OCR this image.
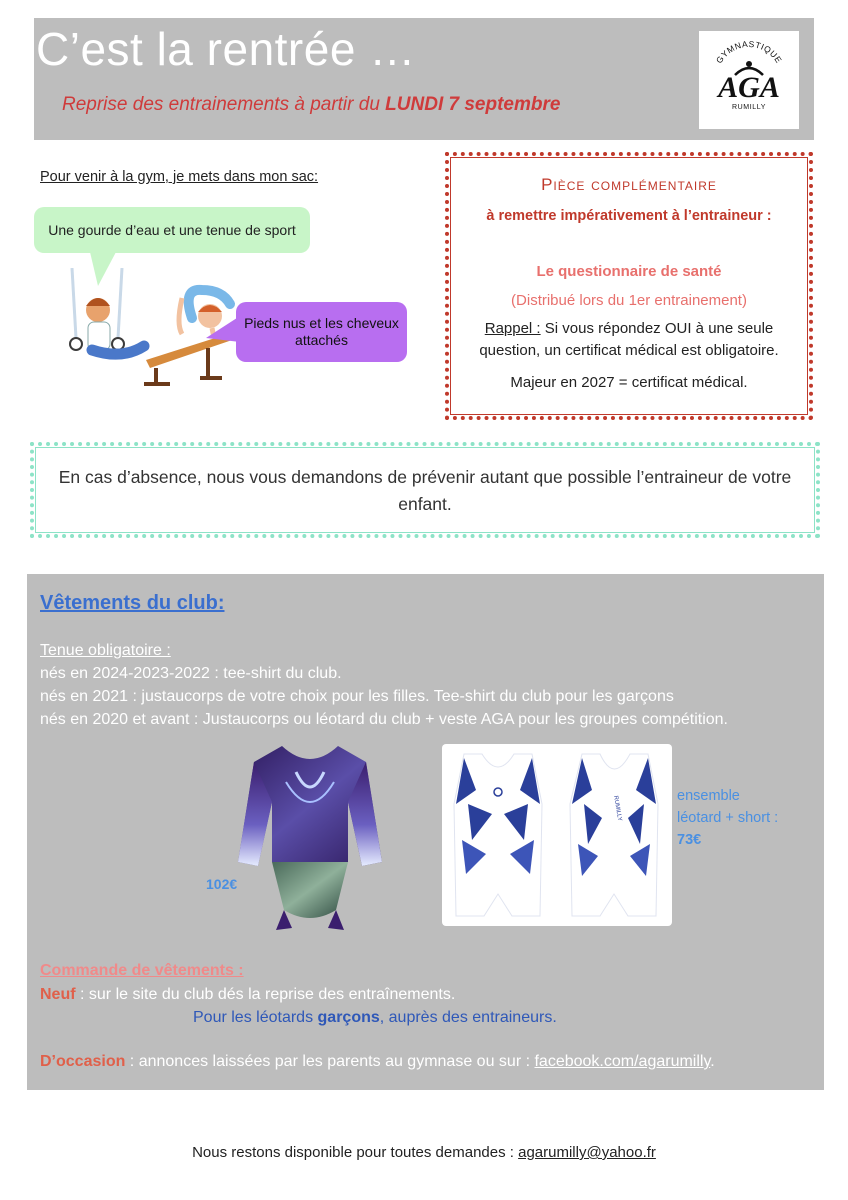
C’est la rentrée …
Reprise des entrainements à partir du LUNDI 7 septembre
GYMNASTIQUE
AGA
RUMILLY
Pour venir à la gym, je mets dans mon sac:
Une gourde d’eau et une tenue de sport
Pieds nus et les cheveux attachés
Pièce complémentaire
à remettre impérativement à l’entraineur :
Le questionnaire de santé
(Distribué lors du 1er entrainement)
Rappel : Si vous répondez OUI à une seule
question, un certificat médical est obligatoire.
Majeur en 2027 = certificat médical.
En cas d’absence, nous vous demandons de prévenir autant que possible l’entraineur de votre enfant.
Vêtements du club:
Tenue obligatoire :
nés en 2024-2023-2022 : tee-shirt du club.
nés en 2021 : justaucorps de votre choix pour les filles. Tee-shirt du club pour les garçons
nés en 2020 et avant : Justaucorps ou léotard du club + veste AGA pour les groupes compétition.
102€
RUMILLY	ensemble
léotard + short :
73€
Commande de vêtements :
Neuf : sur le site du club dés la reprise des entraînements.
Pour les léotards garçons, auprès des entraineurs.
D’occasion : annonces laissées par les parents au gymnase ou sur : facebook.com/agarumilly.
Nous restons disponible pour toutes demandes : agarumilly@yahoo.fr
